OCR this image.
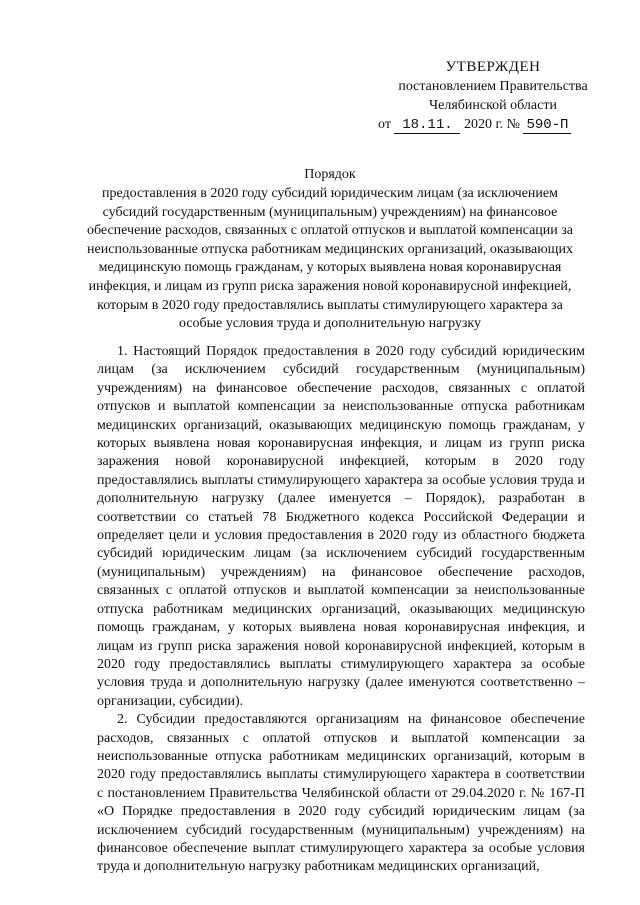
УТВЕРЖДЕН
постановлением Правительства
Челябинской области
от 18.11. 2020 г. № 590-П
Порядок
предоставления в 2020 году субсидий юридическим лицам (за исключением субсидий государственным (муниципальным) учреждениям) на финансовое обеспечение расходов, связанных с оплатой отпусков и выплатой компенсации за неиспользованные отпуска работникам медицинских организаций, оказывающих медицинскую помощь гражданам, у которых выявлена новая коронавирусная инфекция, и лицам из групп риска заражения новой коронавирусной инфекцией, которым в 2020 году предоставлялись выплаты стимулирующего характера за особые условия труда и дополнительную нагрузку

1. Настоящий Порядок предоставления в 2020 году субсидий юридическим лицам (за исключением субсидий государственным (муниципальным) учреждениям) на финансовое обеспечение расходов, связанных с оплатой отпусков и выплатой компенсации за неиспользованные отпуска работникам медицинских организаций, оказывающих медицинскую помощь гражданам, у которых выявлена новая коронавирусная инфекция, и лицам из групп риска заражения новой коронавирусной инфекцией, которым в 2020 году предоставлялись выплаты стимулирующего характера за особые условия труда и дополнительную нагрузку (далее именуется – Порядок), разработан в соответствии со статьей 78 Бюджетного кодекса Российской Федерации и определяет цели и условия предоставления в 2020 году из областного бюджета субсидий юридическим лицам (за исключением субсидий государственным (муниципальным) учреждениям) на финансовое обеспечение расходов, связанных с оплатой отпусков и выплатой компенсации за неиспользованные отпуска работникам медицинских организаций, оказывающих медицинскую помощь гражданам, у которых выявлена новая коронавирусная инфекция, и лицам из групп риска заражения новой коронавирусной инфекцией, которым в 2020 году предоставлялись выплаты стимулирующего характера за особые условия труда и дополнительную нагрузку (далее именуются соответственно – организации, субсидии).

2. Субсидии предоставляются организациям на финансовое обеспечение расходов, связанных с оплатой отпусков и выплатой компенсации за неиспользованные отпуска работникам медицинских организаций, которым в 2020 году предоставлялись выплаты стимулирующего характера в соответствии с постановлением Правительства Челябинской области от 29.04.2020 г. № 167-П «О Порядке предоставления в 2020 году субсидий юридическим лицам (за исключением субсидий государственным (муниципальным) учреждениям) на финансовое обеспечение выплат стимулирующего характера за особые условия труда и дополнительную нагрузку работникам медицинских организаций,
